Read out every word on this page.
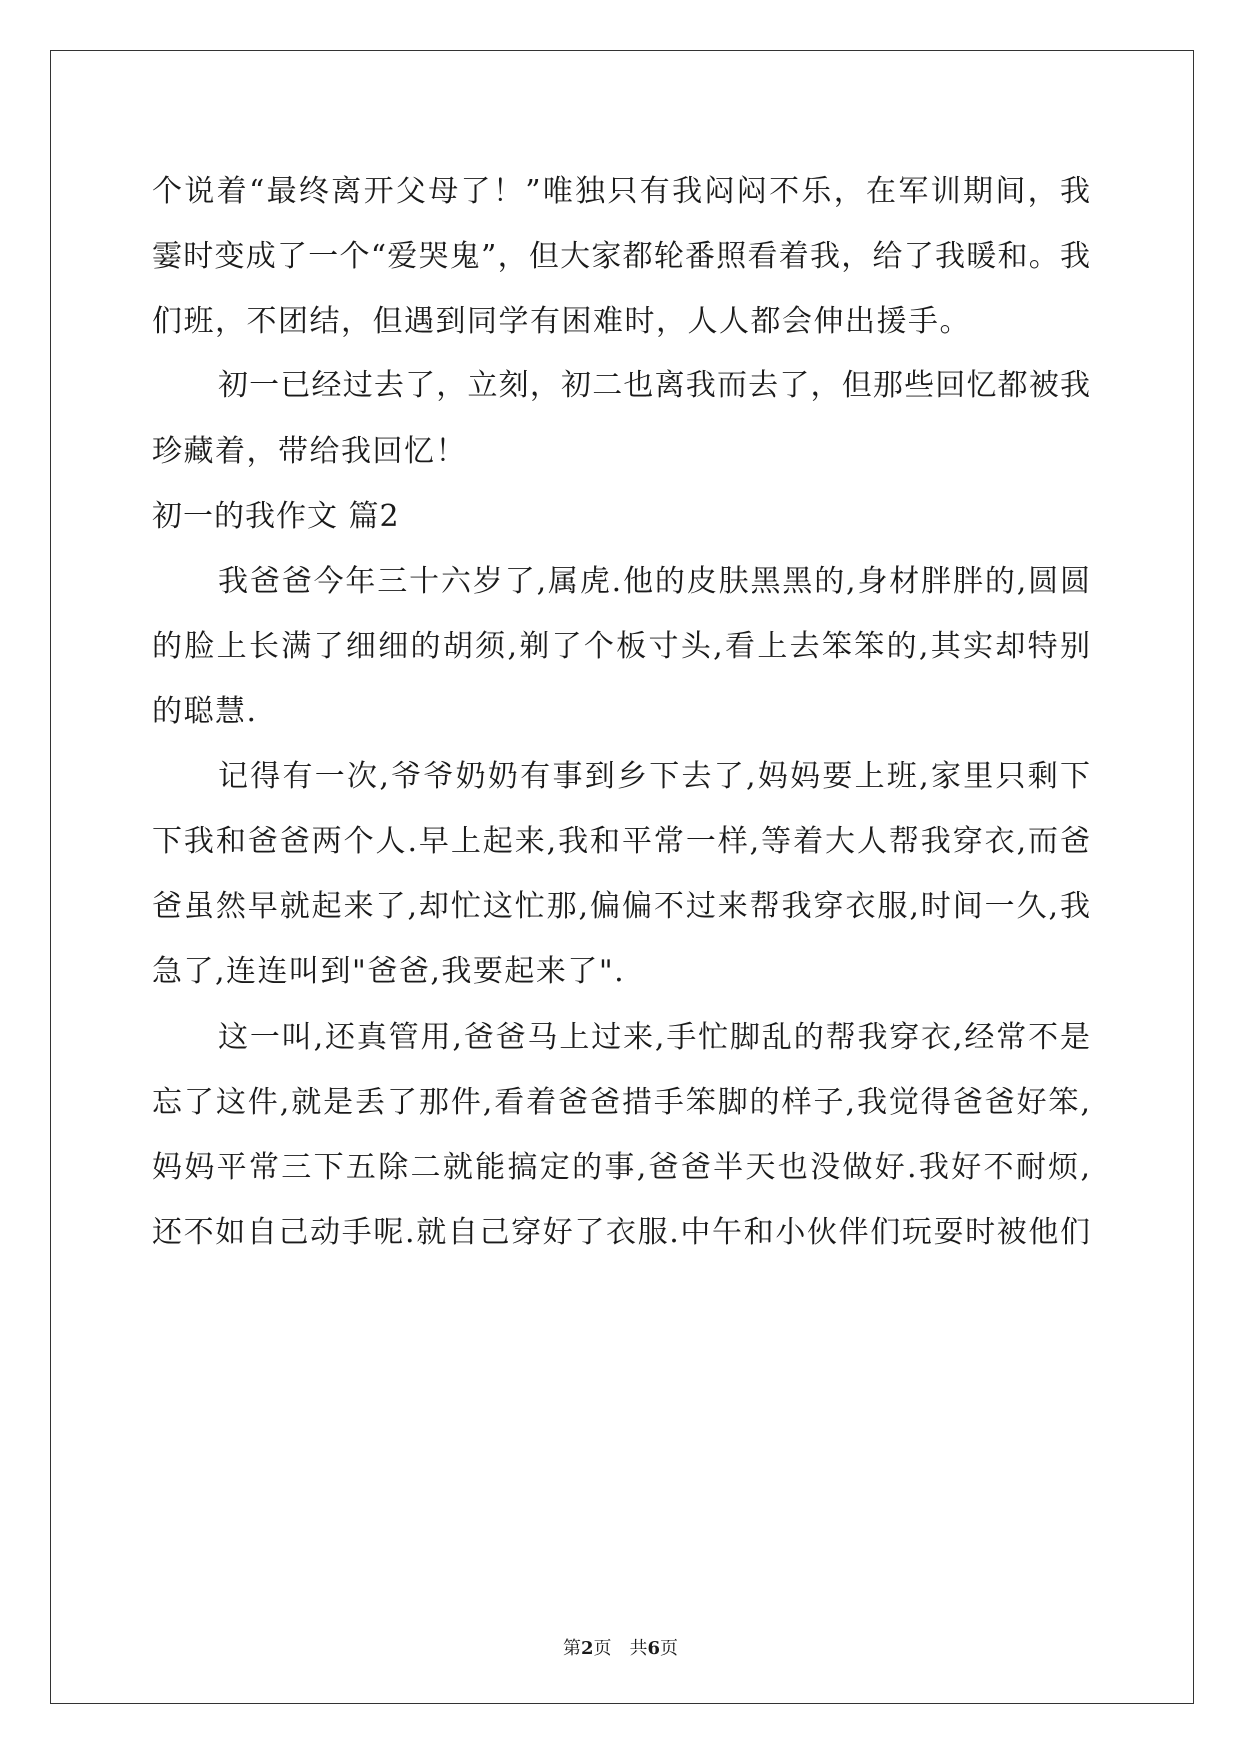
个说着“最终离开父母了！”唯独只有我闷闷不乐，在军训期间，我
霎时变成了一个“爱哭鬼”，但大家都轮番照看着我，给了我暖和。我
们班，不团结，但遇到同学有困难时，人人都会伸出援手。
初一已经过去了，立刻，初二也离我而去了，但那些回忆都被我
珍藏着，带给我回忆！
初一的我作文 篇2
我爸爸今年三十六岁了,属虎.他的皮肤黑黑的,身材胖胖的,圆圆
的脸上长满了细细的胡须,剃了个板寸头,看上去笨笨的,其实却特别
的聪慧.
记得有一次,爷爷奶奶有事到乡下去了,妈妈要上班,家里只剩下
下我和爸爸两个人.早上起来,我和平常一样,等着大人帮我穿衣,而爸
爸虽然早就起来了,却忙这忙那,偏偏不过来帮我穿衣服,时间一久,我
急了,连连叫到"爸爸,我要起来了".
这一叫,还真管用,爸爸马上过来,手忙脚乱的帮我穿衣,经常不是
忘了这件,就是丢了那件,看着爸爸措手笨脚的样子,我觉得爸爸好笨,
妈妈平常三下五除二就能搞定的事,爸爸半天也没做好.我好不耐烦,
还不如自己动手呢.就自己穿好了衣服.中午和小伙伴们玩耍时被他们
第2页　共6页
